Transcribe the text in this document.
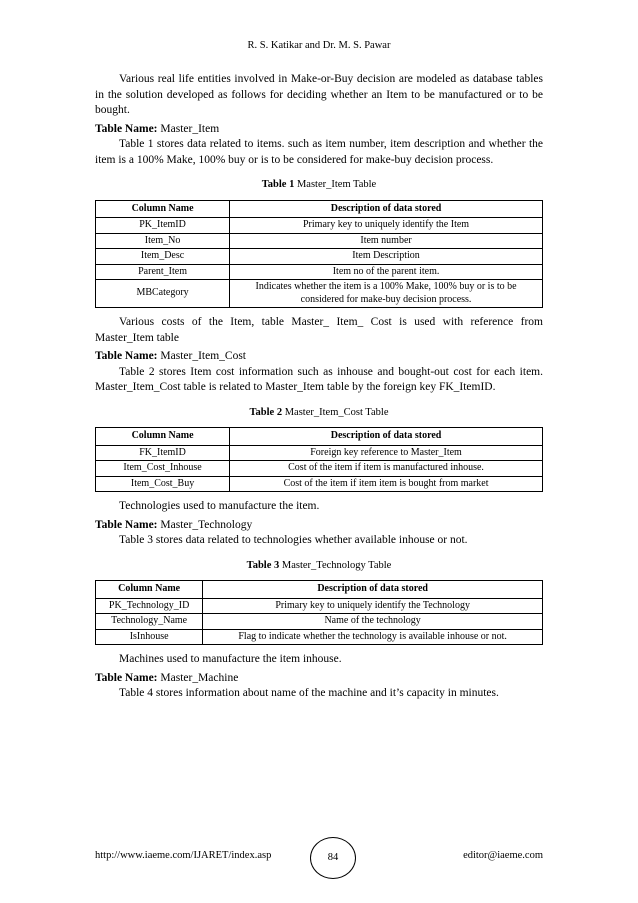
R. S. Katikar and Dr. M. S. Pawar

Various real life entities involved in Make-or-Buy decision are modeled as database tables in the solution developed as follows for deciding whether an Item to be manufactured or to be bought.

Table Name: Master_Item

Table 1 stores data related to items. such as item number, item description and whether the item is a 100% Make, 100% buy or is to be considered for make-buy decision process.

Table 1 Master_Item Table
Column Name	Description of data stored
PK_ItemID	Primary key to uniquely identify the Item
Item_No	Item number
Item_Desc	Item Description
Parent_Item	Item no of the parent item.
MBCategory	Indicates whether the item is a 100% Make, 100% buy or is to be considered for make-buy decision process.

Various costs of the Item, table Master_ Item_ Cost is used with reference from Master_Item table

Table Name: Master_Item_Cost

Table 2 stores Item cost information such as inhouse and bought-out cost for each item. Master_Item_Cost table is related to Master_Item table by the foreign key FK_ItemID.

Table 2 Master_Item_Cost Table
Column Name	Description of data stored
FK_ItemID	Foreign key reference to Master_Item
Item_Cost_Inhouse	Cost of the item if item is manufactured inhouse.
Item_Cost_Buy	Cost of the item if item item is bought from market

Technologies used to manufacture the item.

Table Name: Master_Technology

Table 3 stores data related to technologies whether available inhouse or not.

Table 3 Master_Technology Table
Column Name	Description of data stored
PK_Technology_ID	Primary key to uniquely identify the Technology
Technology_Name	Name of the technology
IsInhouse	Flag to indicate whether the technology is available inhouse or not.

Machines used to manufacture the item inhouse.

Table Name: Master_Machine

Table 4 stores information about name of the machine and it’s capacity in minutes.

http://www.iaeme.com/IJARET/index.asp	84	editor@iaeme.com
